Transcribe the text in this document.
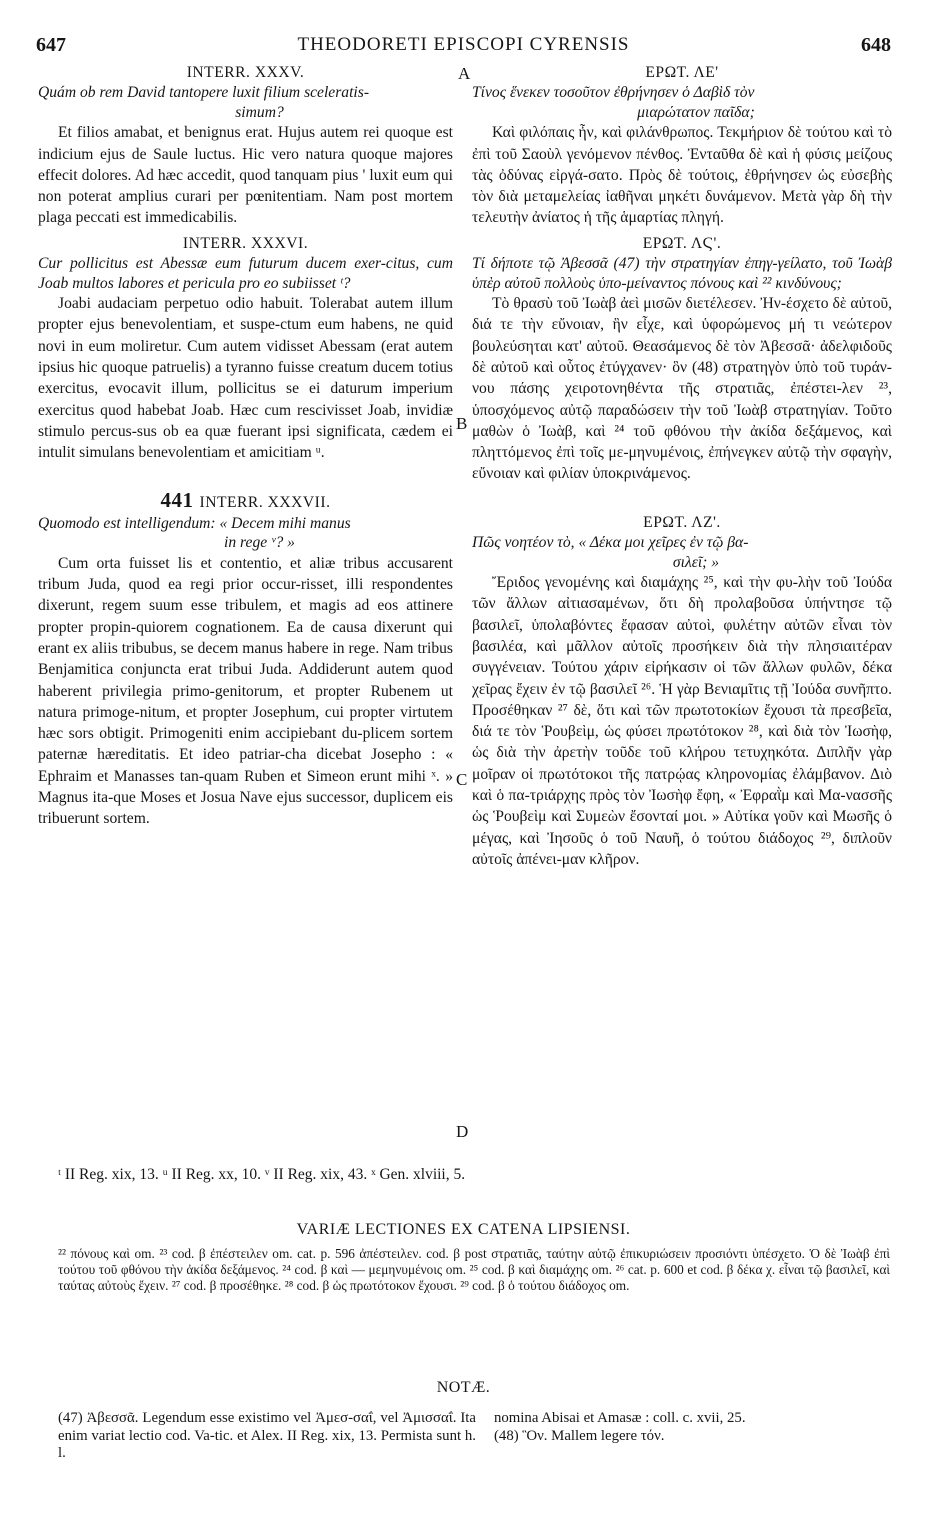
647	THEODORETI EPISCOPI CYRENSIS	648
A
B
C
D

INTERR. XXXV.

Quám ob rem David tantopere luxit filium sceleratis-
simum?

Et filios amabat, et benignus erat. Hujus autem rei quoque est indicium ejus de Saule luctus. Hic vero natura quoque majores effecit dolores. Ad hæc accedit, quod tanquam pius ' luxit eum qui non poterat amplius curari per pœnitentiam. Nam post mortem plaga peccati est immedicabilis.

INTERR. XXXVI.

Cur pollicitus est Abessæ eum futurum ducem exer-citus, cum Joab multos labores et pericula pro eo subiisset ᵗ?

Joabi audaciam perpetuo odio habuit. Tolerabat autem illum propter ejus benevolentiam, et suspe-ctum eum habens, ne quid novi in eum moliretur. Cum autem vidisset Abessam (erat autem ipsius hic quoque patruelis) a tyranno fuisse creatum ducem totius exercitus, evocavit illum, pollicitus se ei daturum imperium exercitus quod habebat Joab. Hæc cum rescivisset Joab, invidiæ stimulo percus-sus ob ea quæ fuerant ipsi significata, cædem ei intulit simulans benevolentiam et amicitiam ᵘ.

441 INTERR. XXXVII.

Quomodo est intelligendum: « Decem mihi manus
in rege ᵛ? »

Cum orta fuisset lis et contentio, et aliæ tribus accusarent tribum Juda, quod ea regi prior occur-risset, illi respondentes dixerunt, regem suum esse tribulem, et magis ad eos attinere propter propin-quiorem cognationem. Ea de causa dixerunt qui erant ex aliis tribubus, se decem manus habere in rege. Nam tribus Benjamitica conjuncta erat tribui Juda. Addiderunt autem quod haberent privilegia primo-genitorum, et propter Rubenem ut natura primoge-nitum, et propter Josephum, cui propter virtutem hæc sors obtigit. Primogeniti enim accipiebant du-plicem sortem paternæ hæreditatis. Et ideo patriar-cha dicebat Josepho : « Ephraim et Manasses tan-quam Ruben et Simeon erunt mihi ˣ. » Magnus ita-que Moses et Josua Nave ejus successor, duplicem eis tribuerunt sortem.

ΕΡΩΤ. ΛΕ'

Τίνος ἕνεκεν τοσοῦτον ἐθρήνησεν ὁ Δαβὶδ τὸν
μιαρώτατον παῖδα;

Καὶ φιλόπαις ἦν, καὶ φιλάνθρωπος. Τεκμήριον δὲ τούτου καὶ τὸ ἐπὶ τοῦ Σαοὺλ γενόμενον πένθος. Ἐνταῦθα δὲ καὶ ἡ φύσις μείζους τὰς ὀδύνας εἰργά-σατο. Πρὸς δὲ τούτοις, ἐθρήνησεν ὡς εὐσεβὴς τὸν διὰ μεταμελείας ἰαθῆναι μηκέτι δυνάμενον. Μετὰ γὰρ δὴ τὴν τελευτὴν ἀνίατος ἡ τῆς ἁμαρτίας πληγή.

ΕΡΩΤ. ΛϚ'.

Τί δήποτε τῷ Ἀβεσσᾶ (47) τὴν στρατηγίαν ἐπηγ-γείλατο, τοῦ Ἰωὰβ ὑπὲρ αὐτοῦ πολλοὺς ὑπο-μείναντος πόνους καὶ ²² κινδύνους;

Τὸ θρασὺ τοῦ Ἰωὰβ ἀεὶ μισῶν διετέλεσεν. Ἠν-έσχετο δὲ αὐτοῦ, διά τε τὴν εὔνοιαν, ἣν εἶχε, καὶ ὑφορώμενος μή τι νεώτερον βουλεύσηται κατ' αὐτοῦ. Θεασάμενος δὲ τὸν Ἀβεσσᾶ· ἀδελφιδοῦς δὲ αὐτοῦ καὶ οὗτος ἐτύγχανεν· ὃν (48) στρατηγὸν ὑπὸ τοῦ τυράν-νου πάσης χειροτονηθέντα τῆς στρατιᾶς, ἐπέστει-λεν ²³, ὑποσχόμενος αὐτῷ παραδώσειν τὴν τοῦ Ἰωὰβ στρατηγίαν. Τοῦτο μαθὼν ὁ Ἰωὰβ, καὶ ²⁴ τοῦ φθόνου τὴν ἀκίδα δεξάμενος, καὶ πληττόμενος ἐπὶ τοῖς με-μηνυμένοις, ἐπήνεγκεν αὐτῷ τὴν σφαγὴν, εὔνοιαν καὶ φιλίαν ὑποκρινάμενος.

ΕΡΩΤ. ΛΖ'.

Πῶς νοητέον τὸ, « Δέκα μοι χεῖρες ἐν τῷ βα-
σιλεῖ; »

Ἔριδος γενομένης καὶ διαμάχης ²⁵, καὶ τὴν φυ-λὴν τοῦ Ἰούδα τῶν ἄλλων αἰτιασαμένων, ὅτι δὴ προλαβοῦσα ὑπήντησε τῷ βασιλεῖ, ὑπολαβόντες ἔφασαν αὐτοὶ, φυλέτην αὐτῶν εἶναι τὸν βασιλέα, καὶ μᾶλλον αὐτοῖς προσήκειν διὰ τὴν πλησιαιτέραν συγγένειαν. Τούτου χάριν εἰρήκασιν οἱ τῶν ἄλλων φυλῶν, δέκα χεῖρας ἔχειν ἐν τῷ βασιλεῖ ²⁶. Ἡ γὰρ Βενιαμῖτις τῇ Ἰούδα συνῆπτο. Προσέθηκαν ²⁷ δὲ, ὅτι καὶ τῶν πρωτοτοκίων ἔχουσι τὰ πρεσβεῖα, διά τε τὸν Ῥουβεὶμ, ὡς φύσει πρωτότοκον ²⁸, καὶ διὰ τὸν Ἰωσὴφ, ὡς διὰ τὴν ἀρετὴν τοῦδε τοῦ κλήρου τετυχηκότα. Διπλῆν γὰρ μοῖραν οἱ πρωτότοκοι τῆς πατρῴας κληρονομίας ἐλάμβανον. Διὸ καὶ ὁ πα-τριάρχης πρὸς τὸν Ἰωσὴφ ἔφη, « Ἐφραῒμ καὶ Μα-νασσῆς ὡς Ῥουβεὶμ καὶ Συμεὼν ἔσονταί μοι. » Αὐτίκα γοῦν καὶ Μωσῆς ὁ μέγας, καὶ Ἰησοῦς ὁ τοῦ Ναυῆ, ὁ τούτου διάδοχος ²⁹, διπλοῦν αὐτοῖς ἀπένει-μαν κλῆρον.

ᵗ II Reg. xix, 13. ᵘ II Reg. xx, 10. ᵛ II Reg. xix, 43. ˣ Gen. xlviii, 5.
VARIÆ LECTIONES EX CATENA LIPSIENSI.
²² πόνους καὶ om. ²³ cod. β ἐπέστειλεν om. cat. p. 596 ἀπέστειλεν. cod. β post στρατιᾶς, ταύτην αὐτῷ ἐπικυριώσειν προσιόντι ὑπέσχετο. Ὁ δὲ Ἰωὰβ ἐπὶ τούτου τοῦ φθόνου τὴν ἀκίδα δεξάμενος. ²⁴ cod. β καὶ — μεμηνυμένοις om. ²⁵ cod. β καὶ διαμάχης om. ²⁶ cat. p. 600 et cod. β δέκα χ. εἶναι τῷ βασιλεῖ, καὶ ταύτας αὐτοὺς ἔχειν. ²⁷ cod. β προσέθηκε. ²⁸ cod. β ὡς πρωτότοκον ἔχουσι. ²⁹ cod. β ὁ τούτου διάδοχος om.
NOTÆ.
(47) Ἀβεσσᾶ. Legendum esse existimo vel Ἀμεσ-σαΐ, vel Ἀμισσαΐ. Ita enim variat lectio cod. Va-tic. et Alex. II Reg. xix, 13. Permista sunt h. l.
nomina Abisai et Amasæ : coll. c. xvii, 25.
(48) Ὃν. Mallem legere τόν.
